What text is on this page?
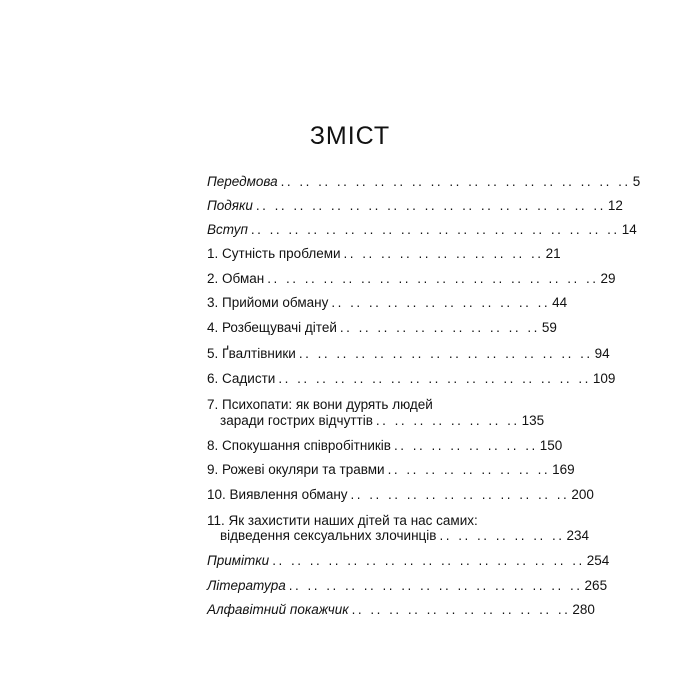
ЗМІСТ
Передмова .. .. .. .. .. .. .. .. .. .. .. .. .. .. .. .. .. .. .. 5
Подяки .. .. .. .. .. .. .. .. .. .. .. .. .. .. .. .. .. .. .. 12
Вступ .. .. .. .. .. .. .. .. .. .. .. .. .. .. .. .. .. .. .. .. 14
1. Сутність проблеми .. .. .. .. .. .. .. .. .. .. .. 21
2. Обман .. .. .. .. .. .. .. .. .. .. .. .. .. .. .. .. .. .. 29
3. Прийоми обману .. .. .. .. .. .. .. .. .. .. .. .. 44
4. Розбещувачі дітей .. .. .. .. .. .. .. .. .. .. .. 59
5. Ґвалтівники .. .. .. .. .. .. .. .. .. .. .. .. .. .. .. .. 94
6. Садисти .. .. .. .. .. .. .. .. .. .. .. .. .. .. .. .. .. 109
7. Психопати: як вони дурять людей
заради гострих відчуттів .. .. .. .. .. .. .. .. 135
8. Спокушання співробітників .. .. .. .. .. .. .. .. 150
9. Рожеві окуляри та травми .. .. .. .. .. .. .. .. .. 169
10. Виявлення обману .. .. .. .. .. .. .. .. .. .. .. .. 200
11. Як захистити наших дітей та нас самих:
відведення сексуальних злочинців .. .. .. .. .. .. .. 234
Примітки .. .. .. .. .. .. .. .. .. .. .. .. .. .. .. .. .. 254
Література .. .. .. .. .. .. .. .. .. .. .. .. .. .. .. .. 265
Алфавітний покажчик .. .. .. .. .. .. .. .. .. .. .. .. 280
